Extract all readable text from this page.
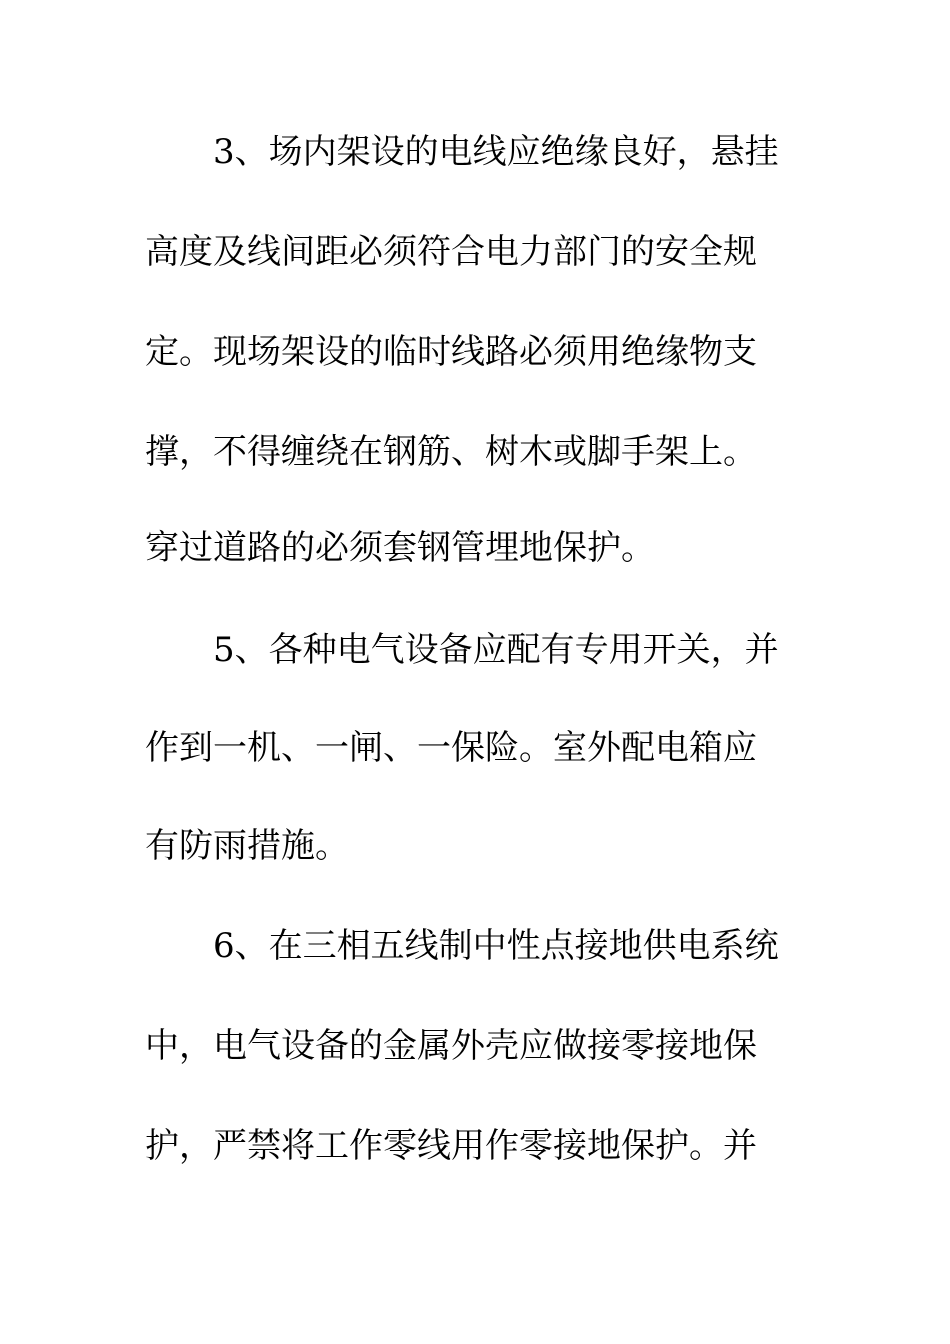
3、场内架设的电线应绝缘良好，悬挂
高度及线间距必须符合电力部门的安全规
定。现场架设的临时线路必须用绝缘物支
撑，不得缠绕在钢筋、树木或脚手架上。
穿过道路的必须套钢管埋地保护。
5、各种电气设备应配有专用开关，并
作到一机、一闸、一保险。室外配电箱应
有防雨措施。
6、在三相五线制中性点接地供电系统
中，电气设备的金属外壳应做接零接地保
护，严禁将工作零线用作零接地保护。并
